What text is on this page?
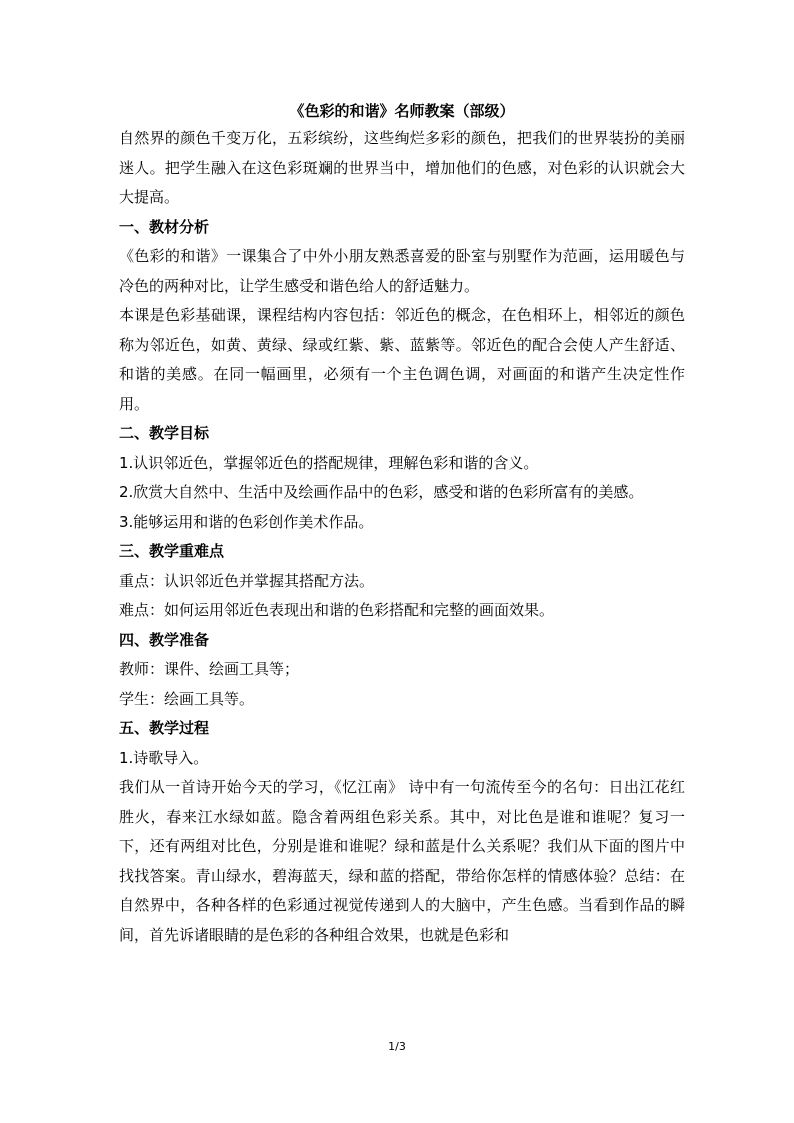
《色彩的和谐》名师教案（部级）

自然界的颜色千变万化，五彩缤纷，这些绚烂多彩的颜色，把我们的世界装扮的美丽迷人。把学生融入在这色彩斑斓的世界当中，增加他们的色感，对色彩的认识就会大大提高。

一、教材分析

《色彩的和谐》一课集合了中外小朋友熟悉喜爱的卧室与别墅作为范画，运用暖色与冷色的两种对比，让学生感受和谐色给人的舒适魅力。

本课是色彩基础课，课程结构内容包括：邻近色的概念，在色相环上，相邻近的颜色称为邻近色，如黄、黄绿、绿或红紫、紫、蓝紫等。邻近色的配合会使人产生舒适、和谐的美感。在同一幅画里，必须有一个主色调色调，对画面的和谐产生决定性作用。

二、教学目标

1.认识邻近色，掌握邻近色的搭配规律，理解色彩和谐的含义。

2.欣赏大自然中、生活中及绘画作品中的色彩，感受和谐的色彩所富有的美感。

3.能够运用和谐的色彩创作美术作品。

三、教学重难点

重点：认识邻近色并掌握其搭配方法。

难点：如何运用邻近色表现出和谐的色彩搭配和完整的画面效果。

四、教学准备

教师：课件、绘画工具等；

学生：绘画工具等。

五、教学过程

1.诗歌导入。

我们从一首诗开始今天的学习，《忆江南》 诗中有一句流传至今的名句：日出江花红胜火，春来江水绿如蓝。隐含着两组色彩关系。其中，对比色是谁和谁呢？复习一下，还有两组对比色，分别是谁和谁呢？绿和蓝是什么关系呢？我们从下面的图片中找找答案。青山绿水，碧海蓝天，绿和蓝的搭配，带给你怎样的情感体验？总结：在自然界中，各种各样的色彩通过视觉传递到人的大脑中，产生色感。当看到作品的瞬间，首先诉诸眼睛的是色彩的各种组合效果，也就是色彩和

1/3
